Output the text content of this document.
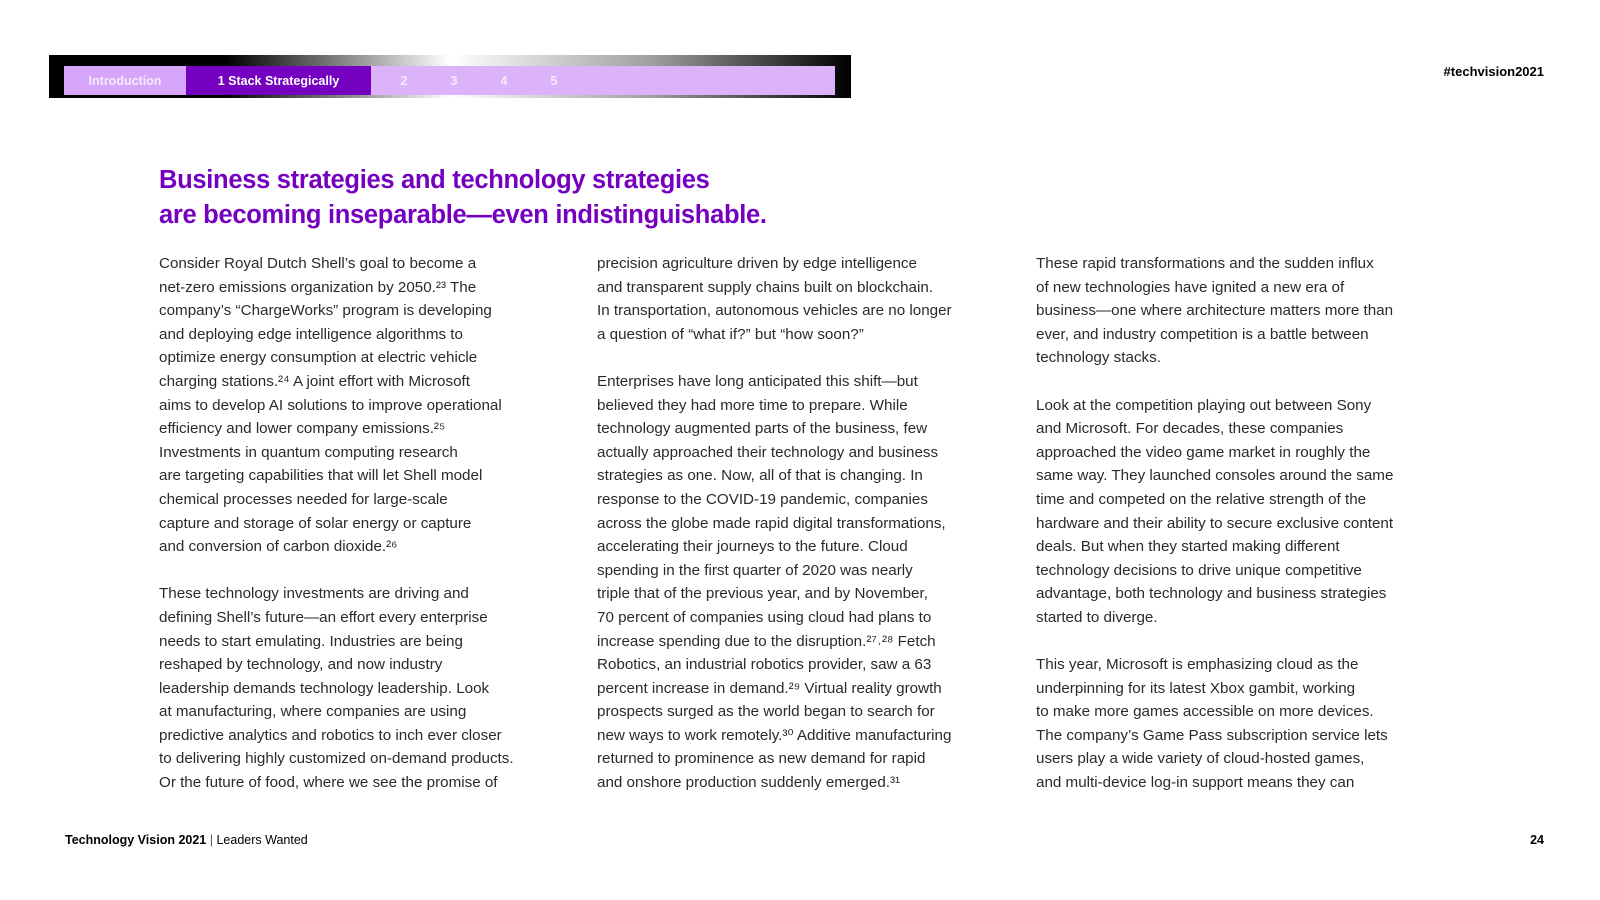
Introduction	1 Stack Strategically	2	3	4	5
#techvision2021
Business strategies and technology strategies
are becoming inseparable—even indistinguishable.

Consider Royal Dutch Shell’s goal to become a
net-zero emissions organization by 2050.²³ The
company’s “ChargeWorks” program is developing
and deploying edge intelligence algorithms to
optimize energy consumption at electric vehicle
charging stations.²⁴ A joint effort with Microsoft
aims to develop AI solutions to improve operational
efficiency and lower company emissions.²⁵
Investments in quantum computing research
are targeting capabilities that will let Shell model
chemical processes needed for large-scale
capture and storage of solar energy or capture
and conversion of carbon dioxide.²⁶

These technology investments are driving and
defining Shell’s future—an effort every enterprise
needs to start emulating. Industries are being
reshaped by technology, and now industry
leadership demands technology leadership. Look
at manufacturing, where companies are using
predictive analytics and robotics to inch ever closer
to delivering highly customized on-demand products.
Or the future of food, where we see the promise of

precision agriculture driven by edge intelligence
and transparent supply chains built on blockchain.
In transportation, autonomous vehicles are no longer
a question of “what if?” but “how soon?”

Enterprises have long anticipated this shift—but
believed they had more time to prepare. While
technology augmented parts of the business, few
actually approached their technology and business
strategies as one. Now, all of that is changing. In
response to the COVID-19 pandemic, companies
across the globe made rapid digital transformations,
accelerating their journeys to the future. Cloud
spending in the first quarter of 2020 was nearly
triple that of the previous year, and by November,
70 percent of companies using cloud had plans to
increase spending due to the disruption.²⁷˒²⁸ Fetch
Robotics, an industrial robotics provider, saw a 63
percent increase in demand.²⁹ Virtual reality growth
prospects surged as the world began to search for
new ways to work remotely.³⁰ Additive manufacturing
returned to prominence as new demand for rapid
and onshore production suddenly emerged.³¹

These rapid transformations and the sudden influx
of new technologies have ignited a new era of
business—one where architecture matters more than
ever, and industry competition is a battle between
technology stacks.

Look at the competition playing out between Sony
and Microsoft. For decades, these companies
approached the video game market in roughly the
same way. They launched consoles around the same
time and competed on the relative strength of the
hardware and their ability to secure exclusive content
deals. But when they started making different
technology decisions to drive unique competitive
advantage, both technology and business strategies
started to diverge.

This year, Microsoft is emphasizing cloud as the
underpinning for its latest Xbox gambit, working
to make more games accessible on more devices.
The company’s Game Pass subscription service lets
users play a wide variety of cloud-hosted games,
and multi-device log-in support means they can

Technology Vision 2021 | Leaders Wanted	24
